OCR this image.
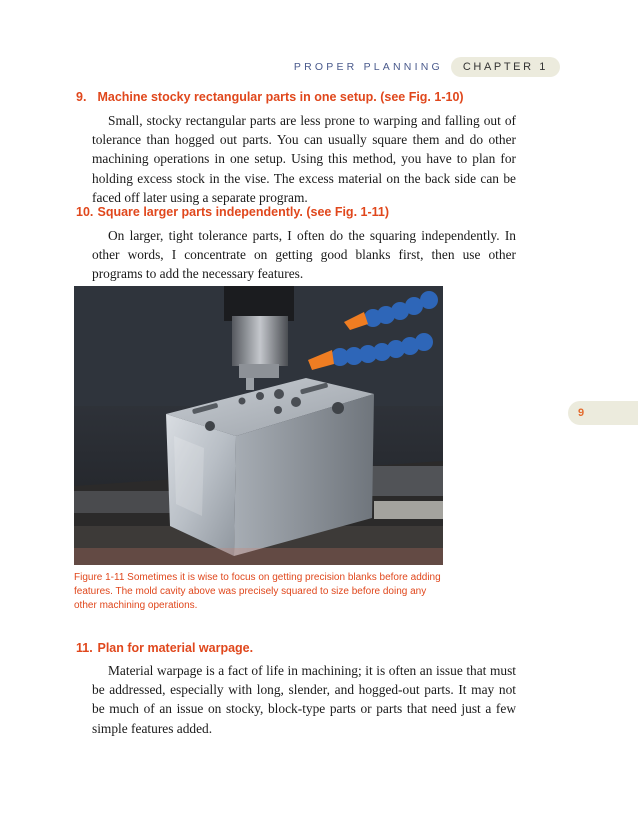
PROPER PLANNING	CHAPTER 1
9
9. Machine stocky rectangular parts in one setup. (see Fig. 1-10)

Small, stocky rectangular parts are less prone to warping and falling out of tolerance than hogged out parts. You can usually square them and do other machining operations in one setup. Using this method, you have to plan for holding excess stock in the vise. The excess material on the back side can be faced off later using a separate program.

10. Square larger parts independently. (see Fig. 1-11)

On larger, tight tolerance parts, I often do the squaring independently. In other words, I concentrate on getting good blanks first, then use other programs to add the necessary features.

Figure 1-11 Sometimes it is wise to focus on getting precision blanks before adding features. The mold cavity above was precisely squared to size before doing any other machining operations.

11. Plan for material warpage.

Material warpage is a fact of life in machining; it is often an issue that must be addressed, especially with long, slender, and hogged-out parts. It may not be much of an issue on stocky, block-type parts or parts that need just a few simple features added.
